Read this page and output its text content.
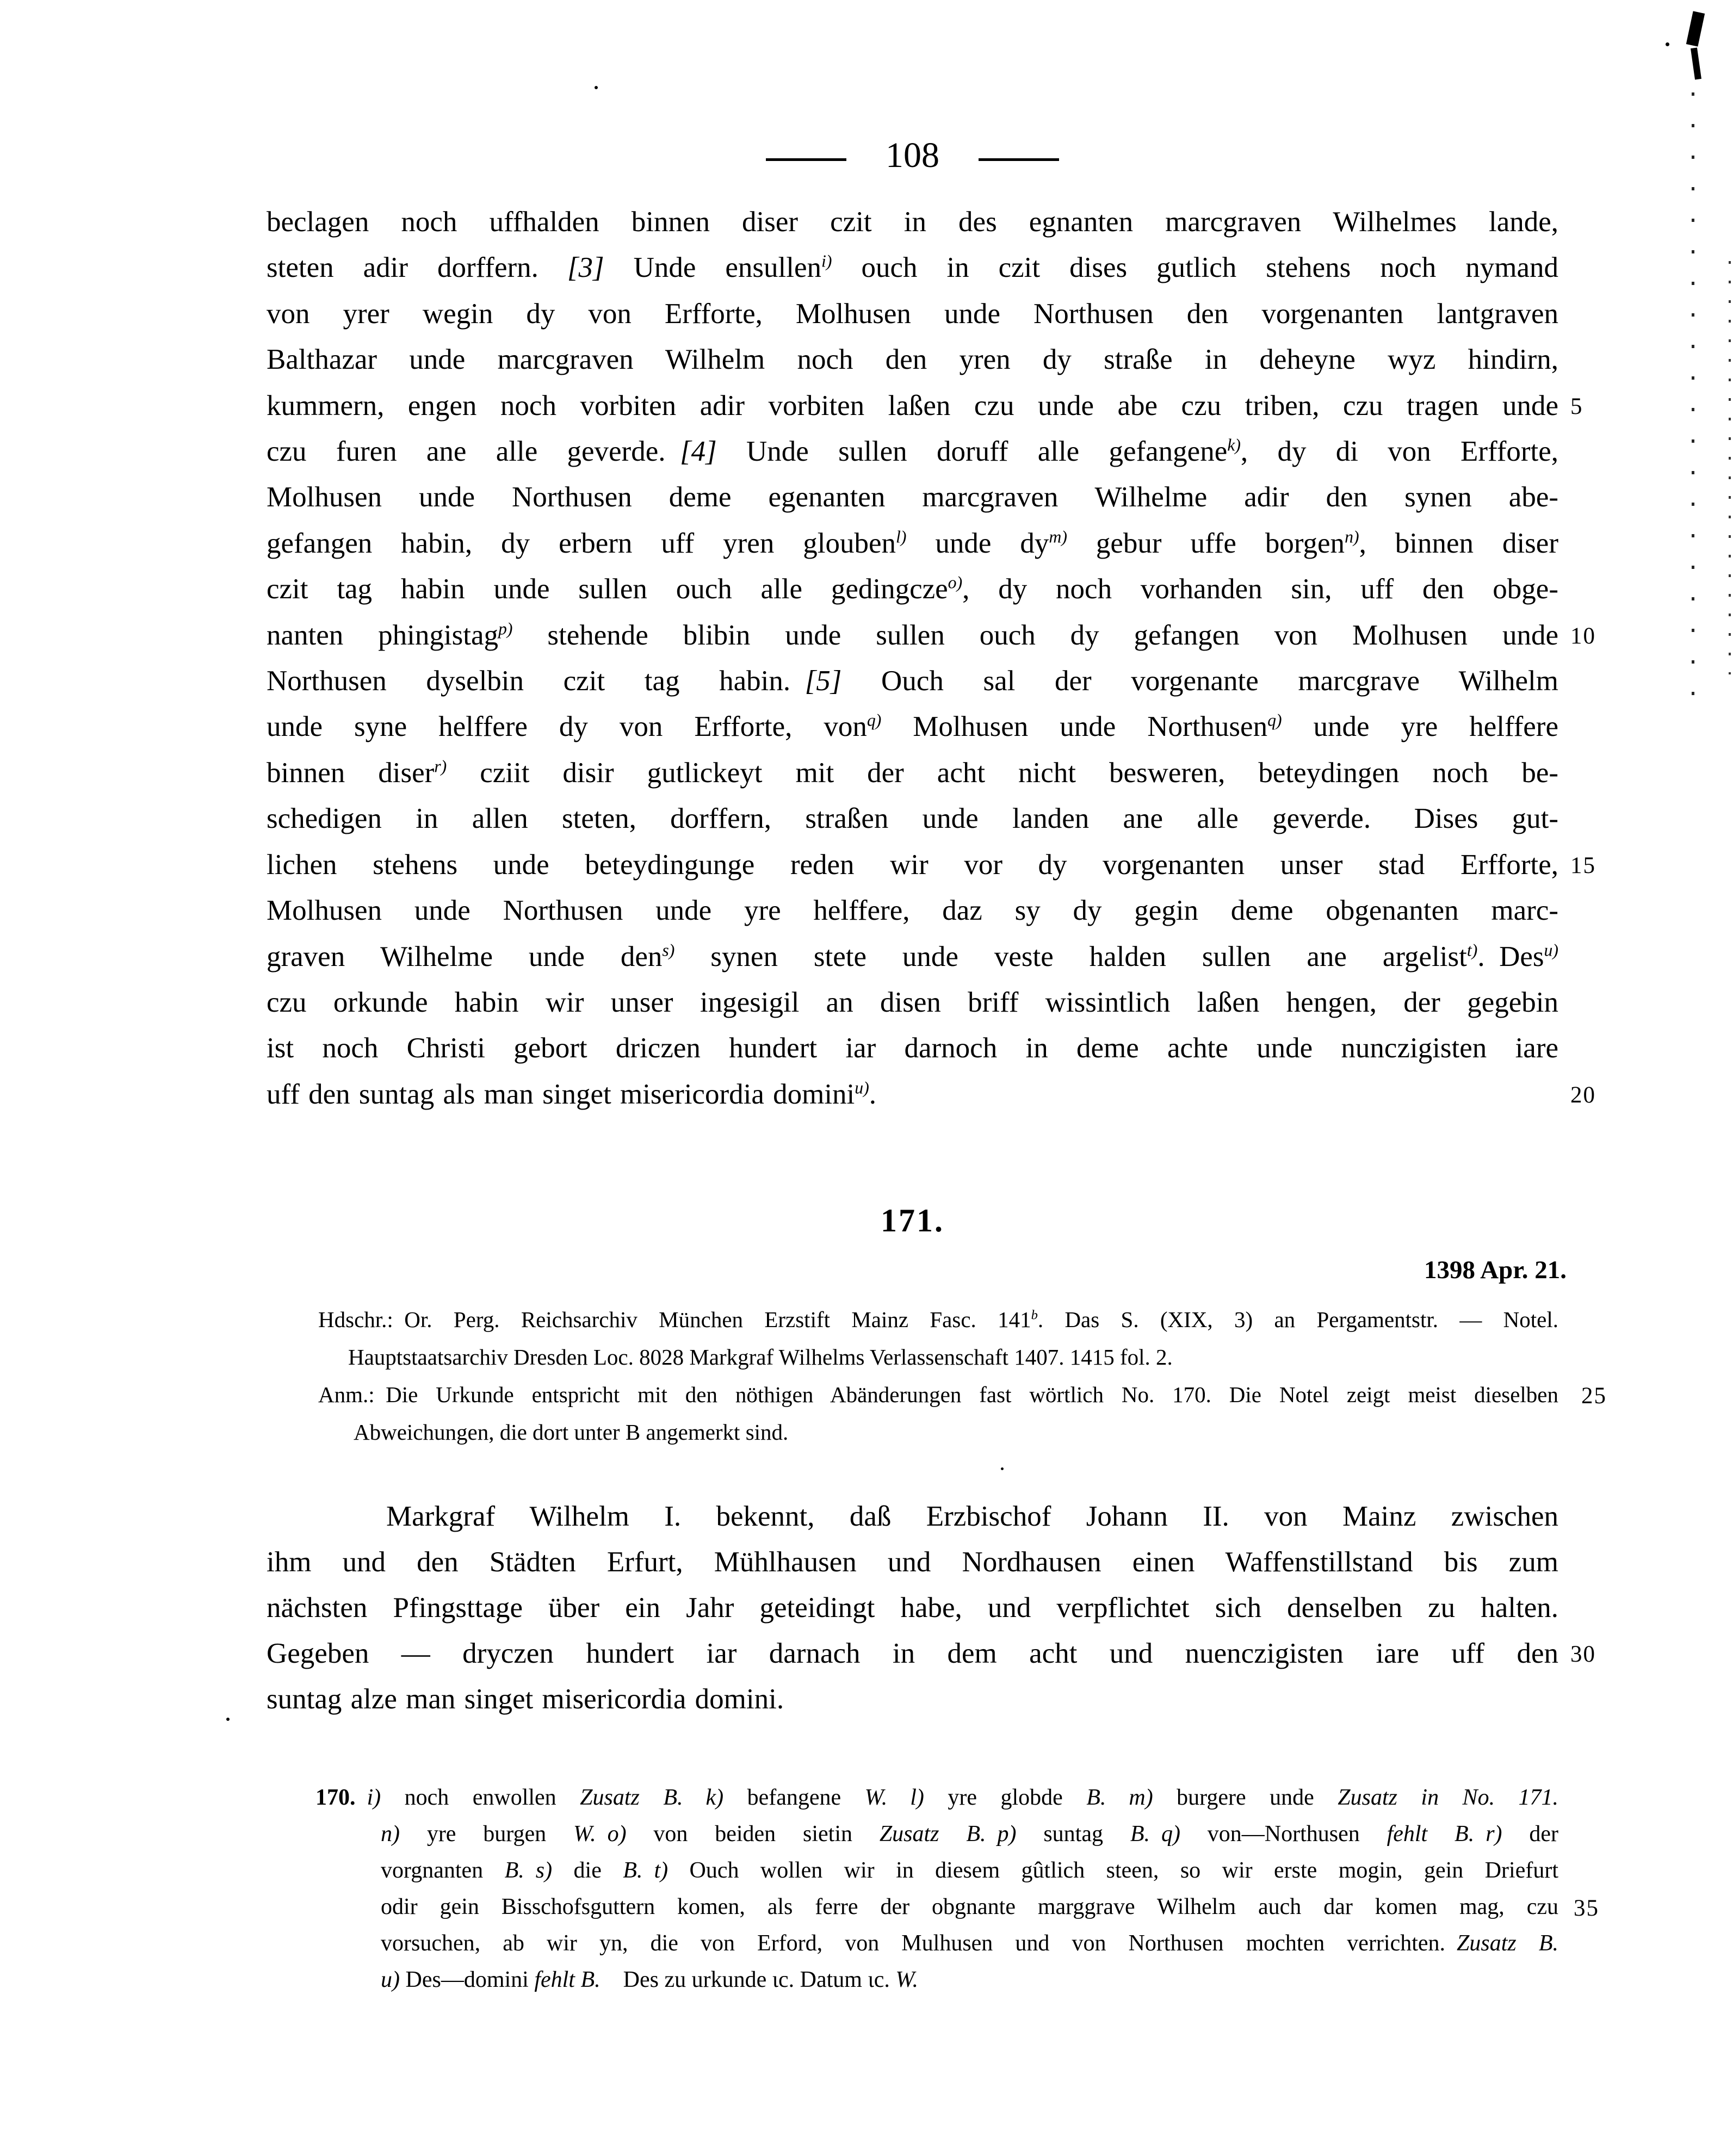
108
beclagen noch uffhalden binnen diser czit in des egnanten marcgraven Wilhelmes lande,
steten adir dorffern. [3] Unde ensullen$^{i)}$ ouch in czit dises gutlich stehens noch nymand
von yrer wegin dy von Erfforte, Molhusen unde Northusen den vorgenanten lantgraven
Balthazar unde marcgraven Wilhelm noch den yren dy straße in deheyne wyz hindirn,
kummern, engen noch vorbiten adir vorbiten laßen czu unde abe czu triben, czu tragen unde 5
czu furen ane alle geverde. [4] Unde sullen doruff alle gefangene$^{k)}$, dy di von Erfforte,
Molhusen unde Northusen deme egenanten marcgraven Wilhelme adir den synen abe-
gefangen habin, dy erbern uff yren glouben$^{l)}$ unde $dy^{m)}$ gebur uffe borgen$^{n)}$, binnen diser
czit tag habin unde sullen ouch alle gedingcze$^{o)}$, dy noch vorhanden sin, uff den obge-
nanten phingistag$^{p)}$ stehende blibin unde sullen ouch dy gefangen von Molhusen unde 10
Northusen dyselbin czit tag habin. [5] Ouch sal der vorgenante marcgrave Wilhelm
unde syne helffere dy von Erfforte, von$^{q)}$ Molhusen unde Northusen$^{q)}$ unde yre helffere
binnen diser$^{r)}$ cziit disir gutlickeyt mit der acht nicht besweren, beteydingen noch be-
schedigen in allen steten, dorffern, straßen unde landen ane alle geverde.  Dises gut-
lichen stehens unde beteydingunge reden wir vor dy vorgenanten unser stad Erfforte, 15
Molhusen unde Northusen unde yre helffere, daz sy dy gegin deme obgenanten marc-
graven Wilhelme unde den$^{s)}$ synen stete unde veste halden sullen ane argelist$^{t)}$. Des$^{u)}$
czu orkunde habin wir unser ingesigil an disen briff wissintlich laßen hengen, der gegebin
ist noch Christi gebort driczen hundert iar darnoch in deme achte unde nunczigisten iare
uff den suntag als man singet misericordia domini$^{u)}$.	20
171.
1398 Apr. 21.
Hdschr.: Or. Perg. Reichsarchiv München Erzstift Mainz Fasc. 141$^b$. Das S. (XIX, 3) an Pergamentstr. — Notel.
Hauptstaatsarchiv Dresden Loc. 8028 Markgraf Wilhelms Verlassenschaft 1407. 1415 fol. 2.
Anm.: Die Urkunde entspricht mit den nöthigen Abänderungen fast wörtlich No. 170. Die Notel zeigt meist dieselben 25
Abweichungen, die dort unter B angemerkt sind.
Markgraf Wilhelm I. bekennt, daß Erzbischof Johann II. von Mainz zwischen
ihm und den Städten Erfurt, Mühlhausen und Nordhausen einen Waffenstillstand bis zum
nächsten Pfingsttage über ein Jahr geteidingt habe, und verpflichtet sich denselben zu halten.
Gegeben — dryczen hundert iar darnach in dem acht und nuenczigisten iare uff den 30
suntag alze man singet misericordia domini.
170. i) noch enwollen Zusatz B.   k) befangene W.   l) yre globde B.   m) burgere unde Zusatz in No. 171.
n) yre burgen W.  o) von beiden sietin Zusatz B.  p) suntag B.  q) von—Northusen fehlt B.  r) der
vorgnanten B.  s) die B.  t) Ouch wollen wir in diesem gûtlich steen, so wir erste mogin, gein Driefurt
odir gein Bisschofsguttern komen, als ferre der obgnante marggrave Wilhelm auch dar komen mag, czu 35
vorsuchen, ab wir yn, die von Erford, von Mulhusen und von Northusen mochten verrichten. Zusatz B.
u) Des—domini fehlt B.  Des zu urkunde ɩc. Datum ɩc. W.
